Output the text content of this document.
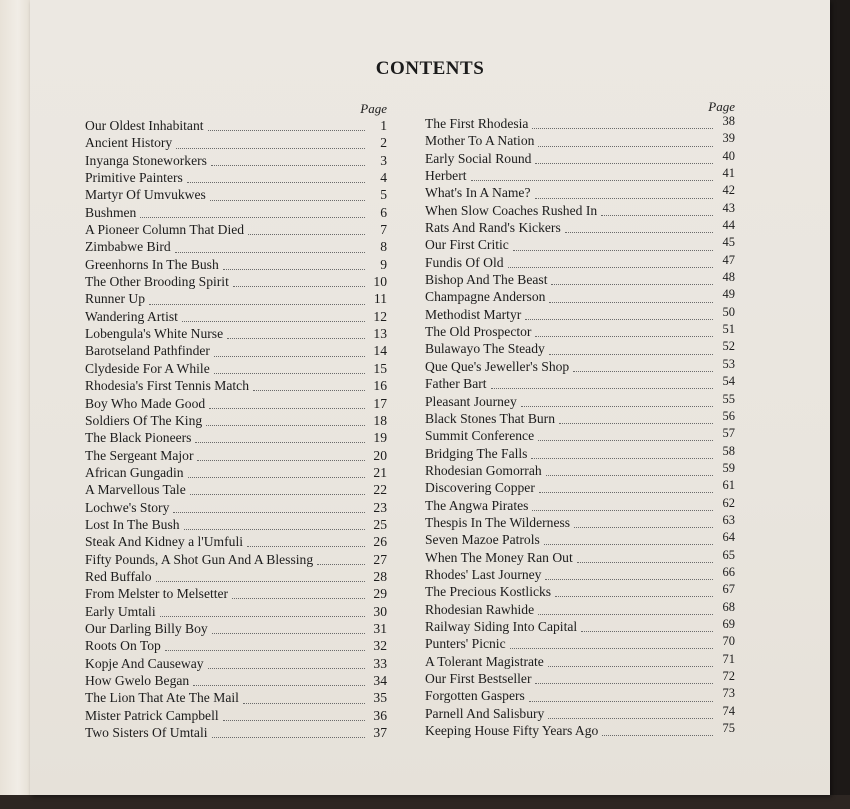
CONTENTS
Page
Our Oldest Inhabitant	1
Ancient History	2
Inyanga Stoneworkers	3
Primitive Painters	4
Martyr Of Umvukwes	5
Bushmen	6
A Pioneer Column That Died	7
Zimbabwe Bird	8
Greenhorns In The Bush	9
The Other Brooding Spirit	10
Runner Up	11
Wandering Artist	12
Lobengula's White Nurse	13
Barotseland Pathfinder	14
Clydeside For A While	15
Rhodesia's First Tennis Match	16
Boy Who Made Good	17
Soldiers Of The King	18
The Black Pioneers	19
The Sergeant Major	20
African Gungadin	21
A Marvellous Tale	22
Lochwe's Story	23
Lost In The Bush	25
Steak And Kidney a l'Umfuli	26
Fifty Pounds, A Shot Gun And A Blessing	27
Red Buffalo	28
From Melster to Melsetter	29
Early Umtali	30
Our Darling Billy Boy	31
Roots On Top	32
Kopje And Causeway	33
How Gwelo Began	34
The Lion That Ate The Mail	35
Mister Patrick Campbell	36
Two Sisters Of Umtali	37
Page
The First Rhodesia	38
Mother To A Nation	39
Early Social Round	40
Herbert	41
What's In A Name?	42
When Slow Coaches Rushed In	43
Rats And Rand's Kickers	44
Our First Critic	45
Fundis Of Old	47
Bishop And The Beast	48
Champagne Anderson	49
Methodist Martyr	50
The Old Prospector	51
Bulawayo The Steady	52
Que Que's Jeweller's Shop	53
Father Bart	54
Pleasant Journey	55
Black Stones That Burn	56
Summit Conference	57
Bridging The Falls	58
Rhodesian Gomorrah	59
Discovering Copper	61
The Angwa Pirates	62
Thespis In The Wilderness	63
Seven Mazoe Patrols	64
When The Money Ran Out	65
Rhodes' Last Journey	66
The Precious Kostlicks	67
Rhodesian Rawhide	68
Railway Siding Into Capital	69
Punters' Picnic	70
A Tolerant Magistrate	71
Our First Bestseller	72
Forgotten Gaspers	73
Parnell And Salisbury	74
Keeping House Fifty Years Ago	75
